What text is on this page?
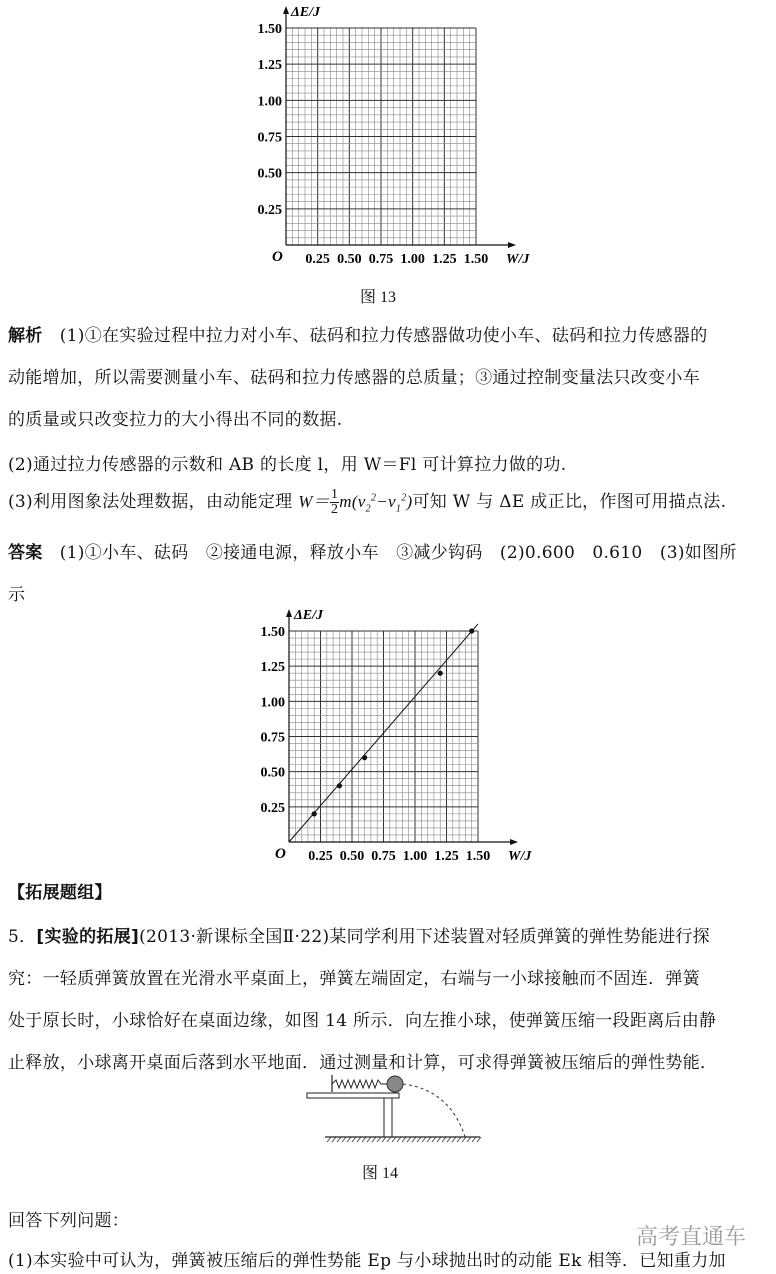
0.25 0.50 0.75 1.00 1.25 1.50
0.25
0.50
0.75
1.00
1.25
1.50
O	W/J
ΔE/J
图 13
解析 (1)①在实验过程中拉力对小车、砝码和拉力传感器做功使小车、砝码和拉力传感器的
动能增加，所以需要测量小车、砝码和拉力传感器的总质量；③通过控制变量法只改变小车
的质量或只改变拉力的大小得出不同的数据.
(2)通过拉力传感器的示数和 AB 的长度 l，用 W＝Fl 可计算拉力做的功.
(3)利用图象法处理数据，由动能定理 $W= \frac{1}{2} m(v_2^2-v_1^2)$可知 W 与 ΔE 成正比，作图可用描点法.
答案 (1)①小车、砝码　②接通电源，释放小车　③减少钩码　(2)0.600　0.610　(3)如图所
示
0.25 0.50 0.75 1.00 1.25 1.50
0.25
0.50
0.75
1.00
1.25
1.50
O	W/J
ΔE/J
【拓展题组】
5．[实验的拓展](2013·新课标全国Ⅱ·22)某同学利用下述装置对轻质弹簧的弹性势能进行探
究：一轻质弹簧放置在光滑水平桌面上，弹簧左端固定，右端与一小球接触而不固连．弹簧
处于原长时，小球恰好在桌面边缘，如图 14 所示．向左推小球，使弹簧压缩一段距离后由静
止释放，小球离开桌面后落到水平地面．通过测量和计算，可求得弹簧被压缩后的弹性势能．
图 14
回答下列问题：
高考直通车
(1)本实验中可认为，弹簧被压缩后的弹性势能 Ep 与小球抛出时的动能 Ek 相等．已知重力加
